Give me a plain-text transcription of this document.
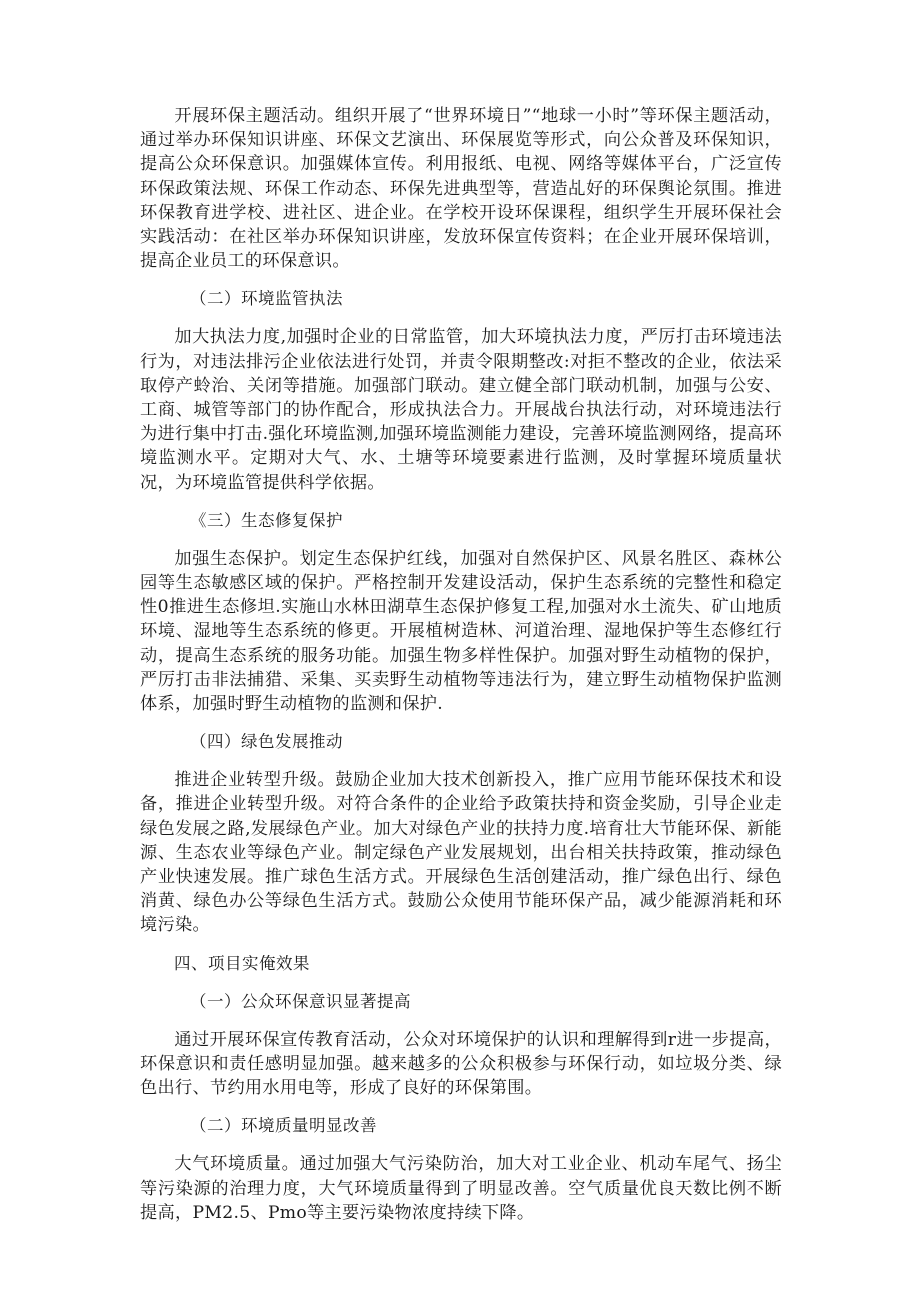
开展环保主题活动。组织开展了“世界环境日”“地球一小时”等环保主题活动，通过举办环保知识讲座、环保文艺演出、环保展览等形式，向公众普及环保知识，提高公众环保意识。加强媒体宣传。利用报纸、电视、网络等媒体平台，广泛宣传环保政策法规、环保工作动态、环保先进典型等，营造乩好的环保舆论氛围。推进环保教育进学校、进社区、进企业。在学校开设环保课程，组织学生开展环保社会实践活动：在社区举办环保知识讲座，发放环保宣传资料；在企业开展环保培训，提高企业员工的环保意识。

（二）环境监管执法

加大执法力度,加强时企业的日常监管，加大环境执法力度，严厉打击环境违法行为，对违法排污企业依法进行处罚，并责令限期整改:对拒不整改的企业，依法采取停产蛉治、关闭等措施。加强部门联动。建立健全部门联动机制，加强与公安、工商、城管等部门的协作配合，形成执法合力。开展战台执法行动，对环境违法行为进行集中打击.强化环境监测,加强环境监测能力建设，完善环境监测网络，提高环境监测水平。定期对大气、水、土塘等环境要素进行监测，及时掌握环境质量状况，为环境监管提供科学依据。

《三）生态修复保护

加强生态保护。划定生态保护红线，加强对自然保护区、风景名胜区、森林公园等生态敏感区域的保护。严格控制开发建设活动，保护生态系统的完整性和稳定性0推进生态修坦.实施山水林田湖草生态保护修复工程,加强对水土流失、矿山地质环境、湿地等生态系统的修更。开展植树造林、河道治理、湿地保护等生态修红行动，提高生态系统的服务功能。加强生物多样性保护。加强对野生动植物的保护，严厉打击非法捕猎、采集、买卖野生动植物等违法行为，建立野生动植物保护监测体系，加强时野生动植物的监测和保护.

（四）绿色发展推动

推进企业转型升级。鼓励企业加大技术创新投入，推广应用节能环保技术和设备，推进企业转型升级。对符合条件的企业给予政策扶持和资金奖励，引导企业走绿色发展之路,发展绿色产业。加大对绿色产业的扶持力度.培育壮大节能环保、新能源、生态农业等绿色产业。制定绿色产业发展规划，出台相关扶持政策，推动绿色产业快速发展。推广球色生活方式。开展绿色生活创建活动，推广绿色出行、绿色消黄、绿色办公等绿色生活方式。鼓励公众使用节能环保产品，减少能源消耗和环境污染。

四、项目实俺效果

（一）公众环保意识显著提高

通过开展环保宣传教育活动，公众对环境保护的认识和理解得到r进一步提高，环保意识和责任感明显加强。越来越多的公众积极参与环保行动，如垃圾分类、绿色出行、节约用水用电等，形成了良好的环保第围。

（二）环境质量明显改善

大气环境质量。通过加强大气污染防治，加大对工业企业、机动车尾气、扬尘等污染源的治理力度，大气环境质量得到了明显改善。空气质量优良天数比例不断提高，PM2.5、Pmo等主要污染物浓度持续下降。
